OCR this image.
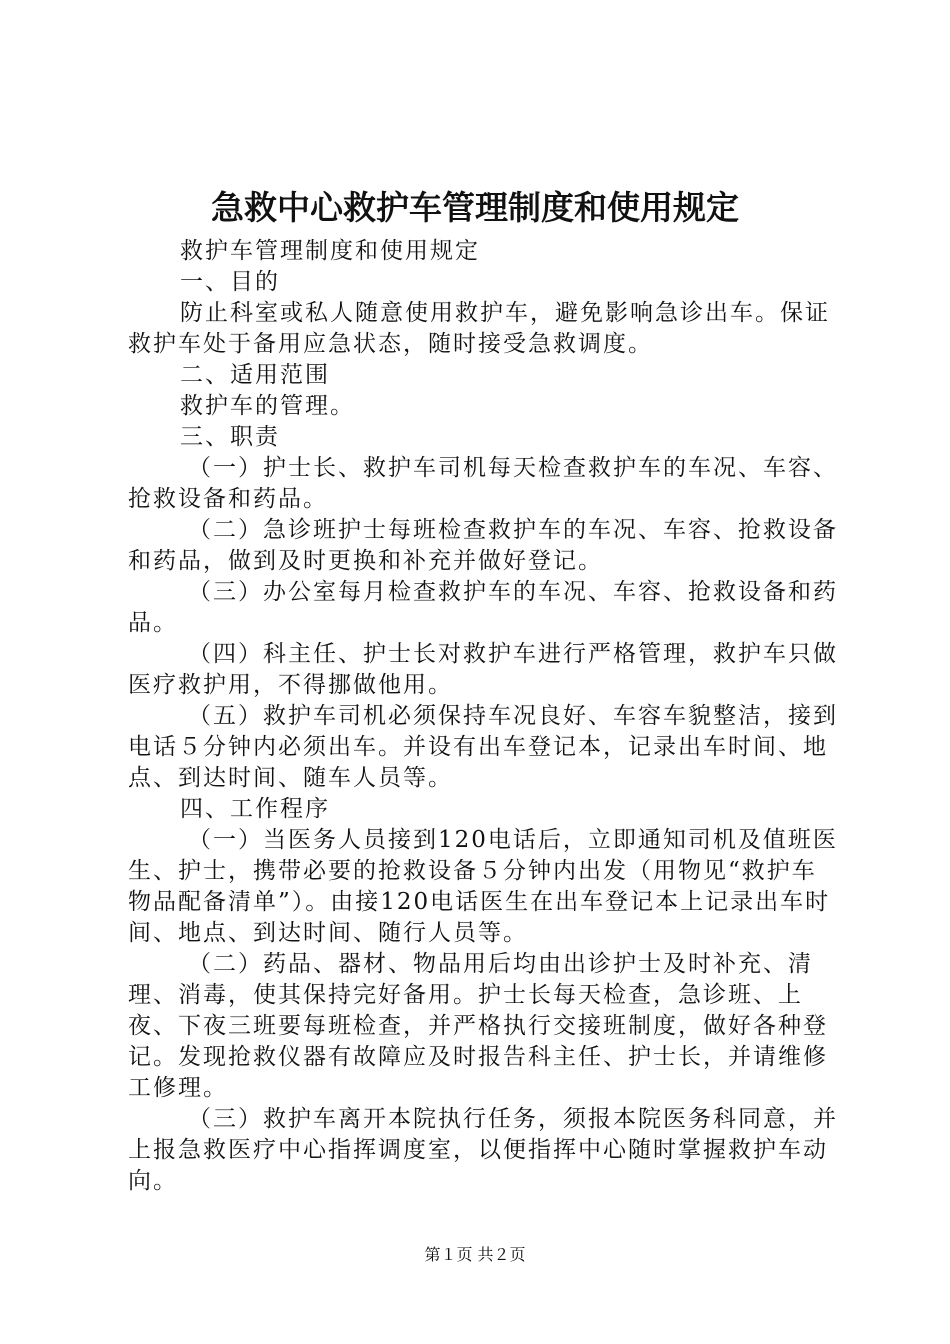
急救中心救护车管理制度和使用规定

救护车管理制度和使用规定

一、目的

防止科室或私人随意使用救护车，避免影响急诊出车。保证救护车处于备用应急状态，随时接受急救调度。

二、适用范围

救护车的管理。

三、职责

（一）护士长、救护车司机每天检查救护车的车况、车容、抢救设备和药品。

（二）急诊班护士每班检查救护车的车况、车容、抢救设备和药品，做到及时更换和补充并做好登记。

（三）办公室每月检查救护车的车况、车容、抢救设备和药品。

（四）科主任、护士长对救护车进行严格管理，救护车只做医疗救护用，不得挪做他用。

（五）救护车司机必须保持车况良好、车容车貌整洁，接到电话５分钟内必须出车。并设有出车登记本，记录出车时间、地点、到达时间、随车人员等。

四、工作程序

（一）当医务人员接到120电话后，立即通知司机及值班医生、护士，携带必要的抢救设备５分钟内出发（用物见“救护车物品配备清单”）。由接120电话医生在出车登记本上记录出车时间、地点、到达时间、随行人员等。

（二）药品、器材、物品用后均由出诊护士及时补充、清理、消毒，使其保持完好备用。护士长每天检查，急诊班、上夜、下夜三班要每班检查，并严格执行交接班制度，做好各种登记。发现抢救仪器有故障应及时报告科主任、护士长，并请维修工修理。

（三）救护车离开本院执行任务，须报本院医务科同意，并上报急救医疗中心指挥调度室，以便指挥中心随时掌握救护车动向。

第１页 共２页
